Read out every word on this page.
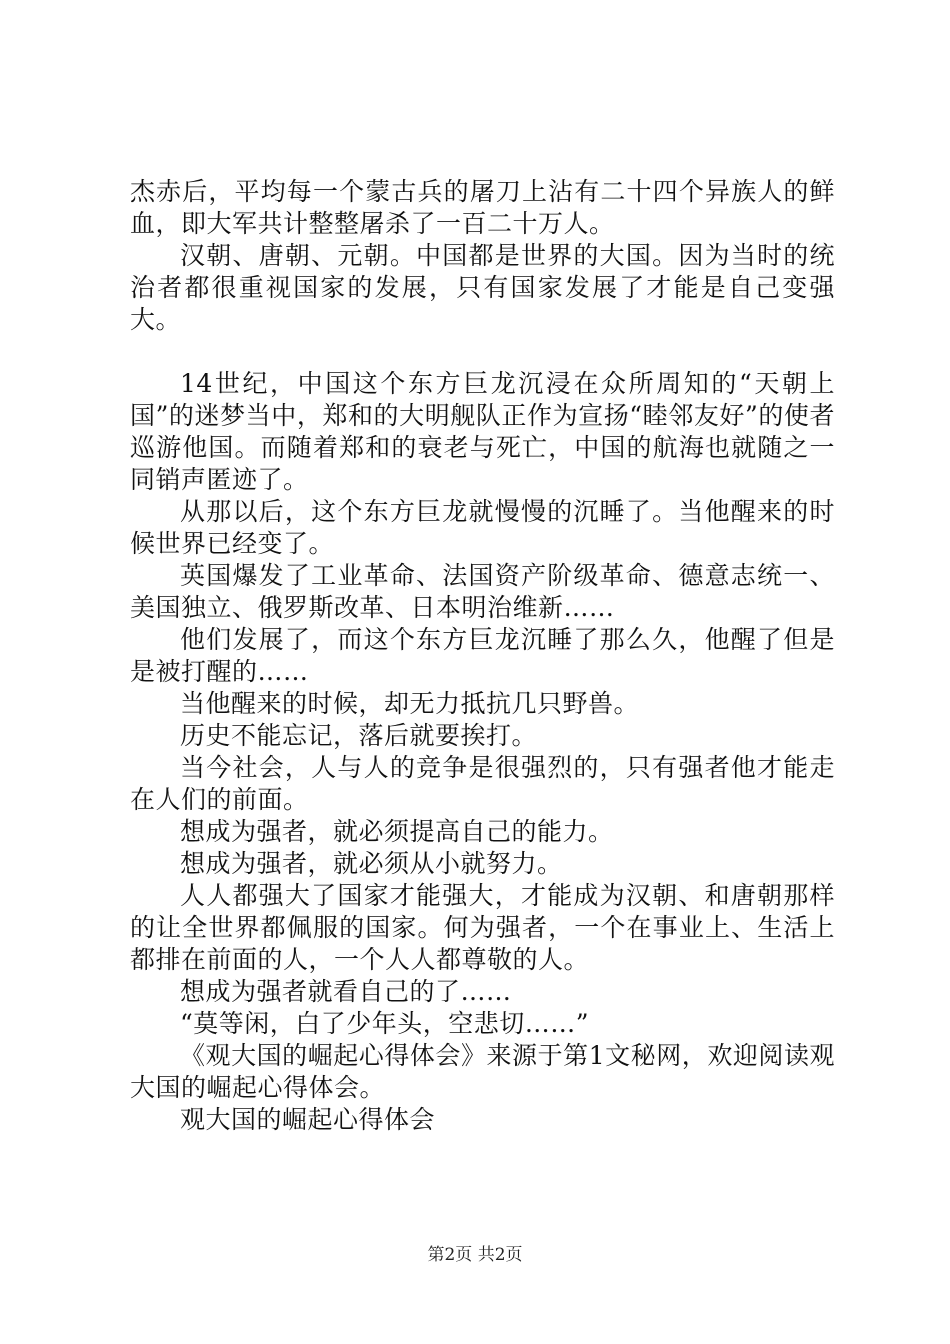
杰赤后，平均每一个蒙古兵的屠刀上沾有二十四个异族人的鲜血，即大军共计整整屠杀了一百二十万人。

汉朝、唐朝、元朝。中国都是世界的大国。因为当时的统治者都很重视国家的发展，只有国家发展了才能是自己变强大。

14世纪，中国这个东方巨龙沉浸在众所周知的“天朝上国”的迷梦当中，郑和的大明舰队正作为宣扬“睦邻友好”的使者巡游他国。而随着郑和的衰老与死亡，中国的航海也就随之一同销声匿迹了。

从那以后，这个东方巨龙就慢慢的沉睡了。当他醒来的时候世界已经变了。

英国爆发了工业革命、法国资产阶级革命、德意志统一、美国独立、俄罗斯改革、日本明治维新……

他们发展了，而这个东方巨龙沉睡了那么久，他醒了但是是被打醒的……

当他醒来的时候，却无力抵抗几只野兽。

历史不能忘记，落后就要挨打。

当今社会，人与人的竞争是很强烈的，只有强者他才能走在人们的前面。

想成为强者，就必须提高自己的能力。

想成为强者，就必须从小就努力。

人人都强大了国家才能强大，才能成为汉朝、和唐朝那样的让全世界都佩服的国家。何为强者，一个在事业上、生活上都排在前面的人，一个人人都尊敬的人。

想成为强者就看自己的了……

“莫等闲，白了少年头，空悲切……”

《观大国的崛起心得体会》来源于第1文秘网，欢迎阅读观大国的崛起心得体会。

观大国的崛起心得体会

第2页 共2页
